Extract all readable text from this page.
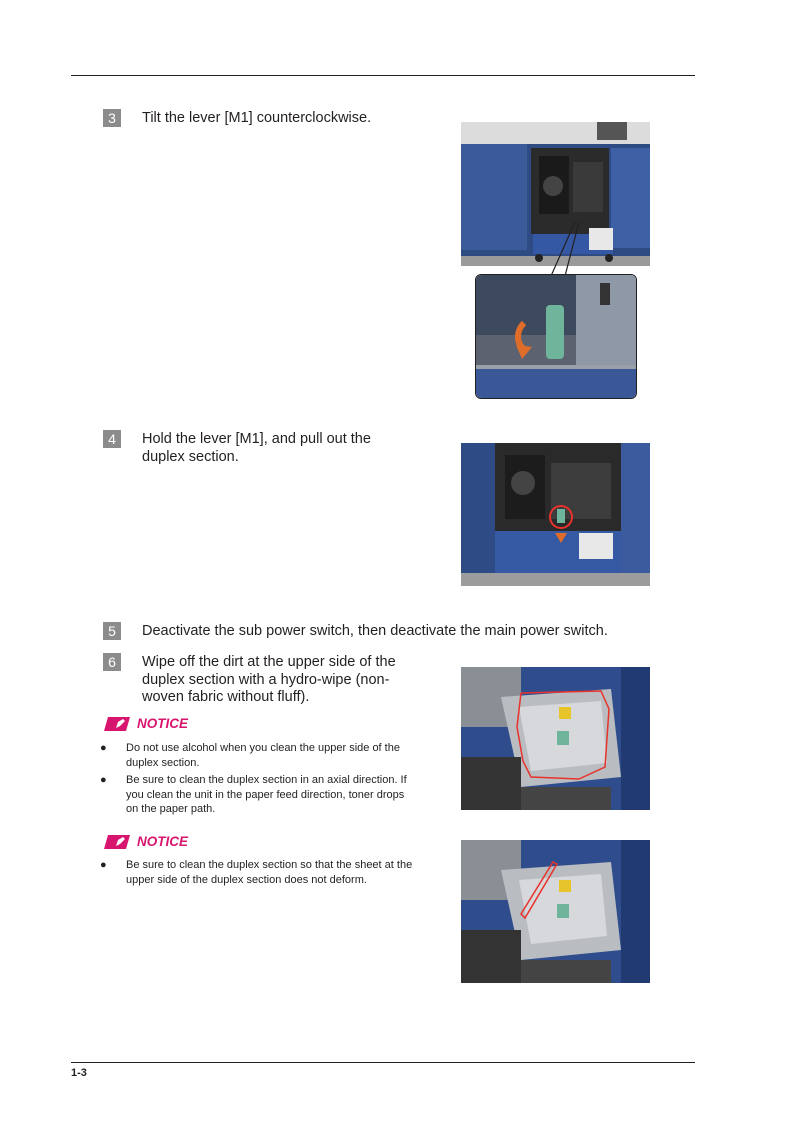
3	Tilt the lever [M1] counterclockwise.
4	Hold the lever [M1], and pull out the duplex section.
5	Deactivate the sub power switch, then deactivate the main power switch.
6	Wipe off the dirt at the upper side of the duplex section with a hydro-wipe (non-woven fabric without fluff).
NOTICE
● Do not use alcohol when you clean the upper side of the duplex section.
● Be sure to clean the duplex section in an axial direction. If you clean the unit in the paper feed direction, toner drops on the paper path.
NOTICE
● Be sure to clean the duplex section so that the sheet at the upper side of the duplex section does not deform.
1-3
